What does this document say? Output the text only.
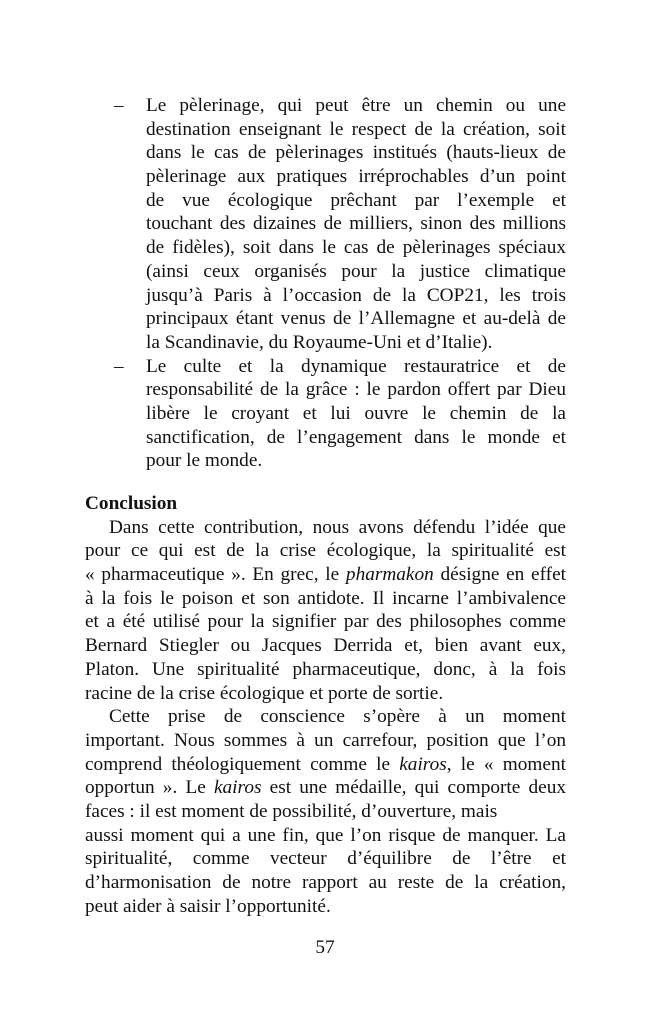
– Le pèlerinage, qui peut être un chemin ou une
destination enseignant le respect de la création, soit
dans le cas de pèlerinages institués (hauts-lieux de
pèlerinage aux pratiques irréprochables d’un point
de vue écologique prêchant par l’exemple et
touchant des dizaines de milliers, sinon des millions
de fidèles), soit dans le cas de pèlerinages spéciaux
(ainsi ceux organisés pour la justice climatique
jusqu’à Paris à l’occasion de la COP21, les trois
principaux étant venus de l’Allemagne et au-delà de
la Scandinavie, du Royaume-Uni et d’Italie).
– Le culte et la dynamique restauratrice et de
responsabilité de la grâce : le pardon offert par Dieu
libère le croyant et lui ouvre le chemin de la
sanctification, de l’engagement dans le monde et
pour le monde.
Conclusion
Dans cette contribution, nous avons défendu l’idée que
pour ce qui est de la crise écologique, la spiritualité est
« pharmaceutique ». En grec, le pharmakon désigne en effet
à la fois le poison et son antidote. Il incarne l’ambivalence
et a été utilisé pour la signifier par des philosophes comme
Bernard Stiegler ou Jacques Derrida et, bien avant eux,
Platon. Une spiritualité pharmaceutique, donc, à la fois
racine de la crise écologique et porte de sortie.
Cette prise de conscience s’opère à un moment
important. Nous sommes à un carrefour, position que l’on
comprend théologiquement comme le kairos, le « moment
opportun ». Le kairos est une médaille, qui comporte deux
faces : il est moment de possibilité, d’ouverture, mais
aussi moment qui a une fin, que l’on risque de manquer. La
spiritualité, comme vecteur d’équilibre de l’être et
d’harmonisation de notre rapport au reste de la création,
peut aider à saisir l’opportunité.
57
